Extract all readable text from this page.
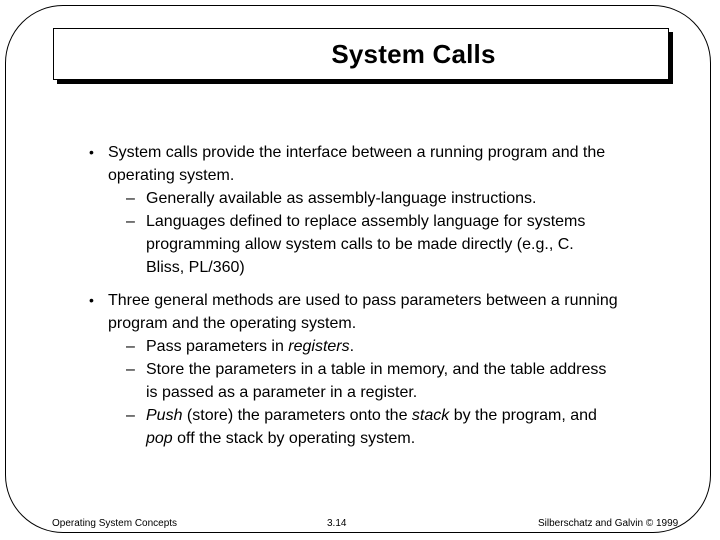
System Calls
• System calls provide the interface between a running program and the operating system.
– Generally available as assembly-language instructions.
– Languages defined to replace assembly language for systems programming allow system calls to be made directly (e.g., C. Bliss, PL/360)
• Three general methods are used to pass parameters between a running program and the operating system.
– Pass parameters in registers.
– Store the parameters in a table in memory, and the table address is passed as a parameter in a register.
– Push (store) the parameters onto the stack by the program, and pop off the stack by operating system.
Operating System Concepts	3.14	Silberschatz and Galvin © 1999
